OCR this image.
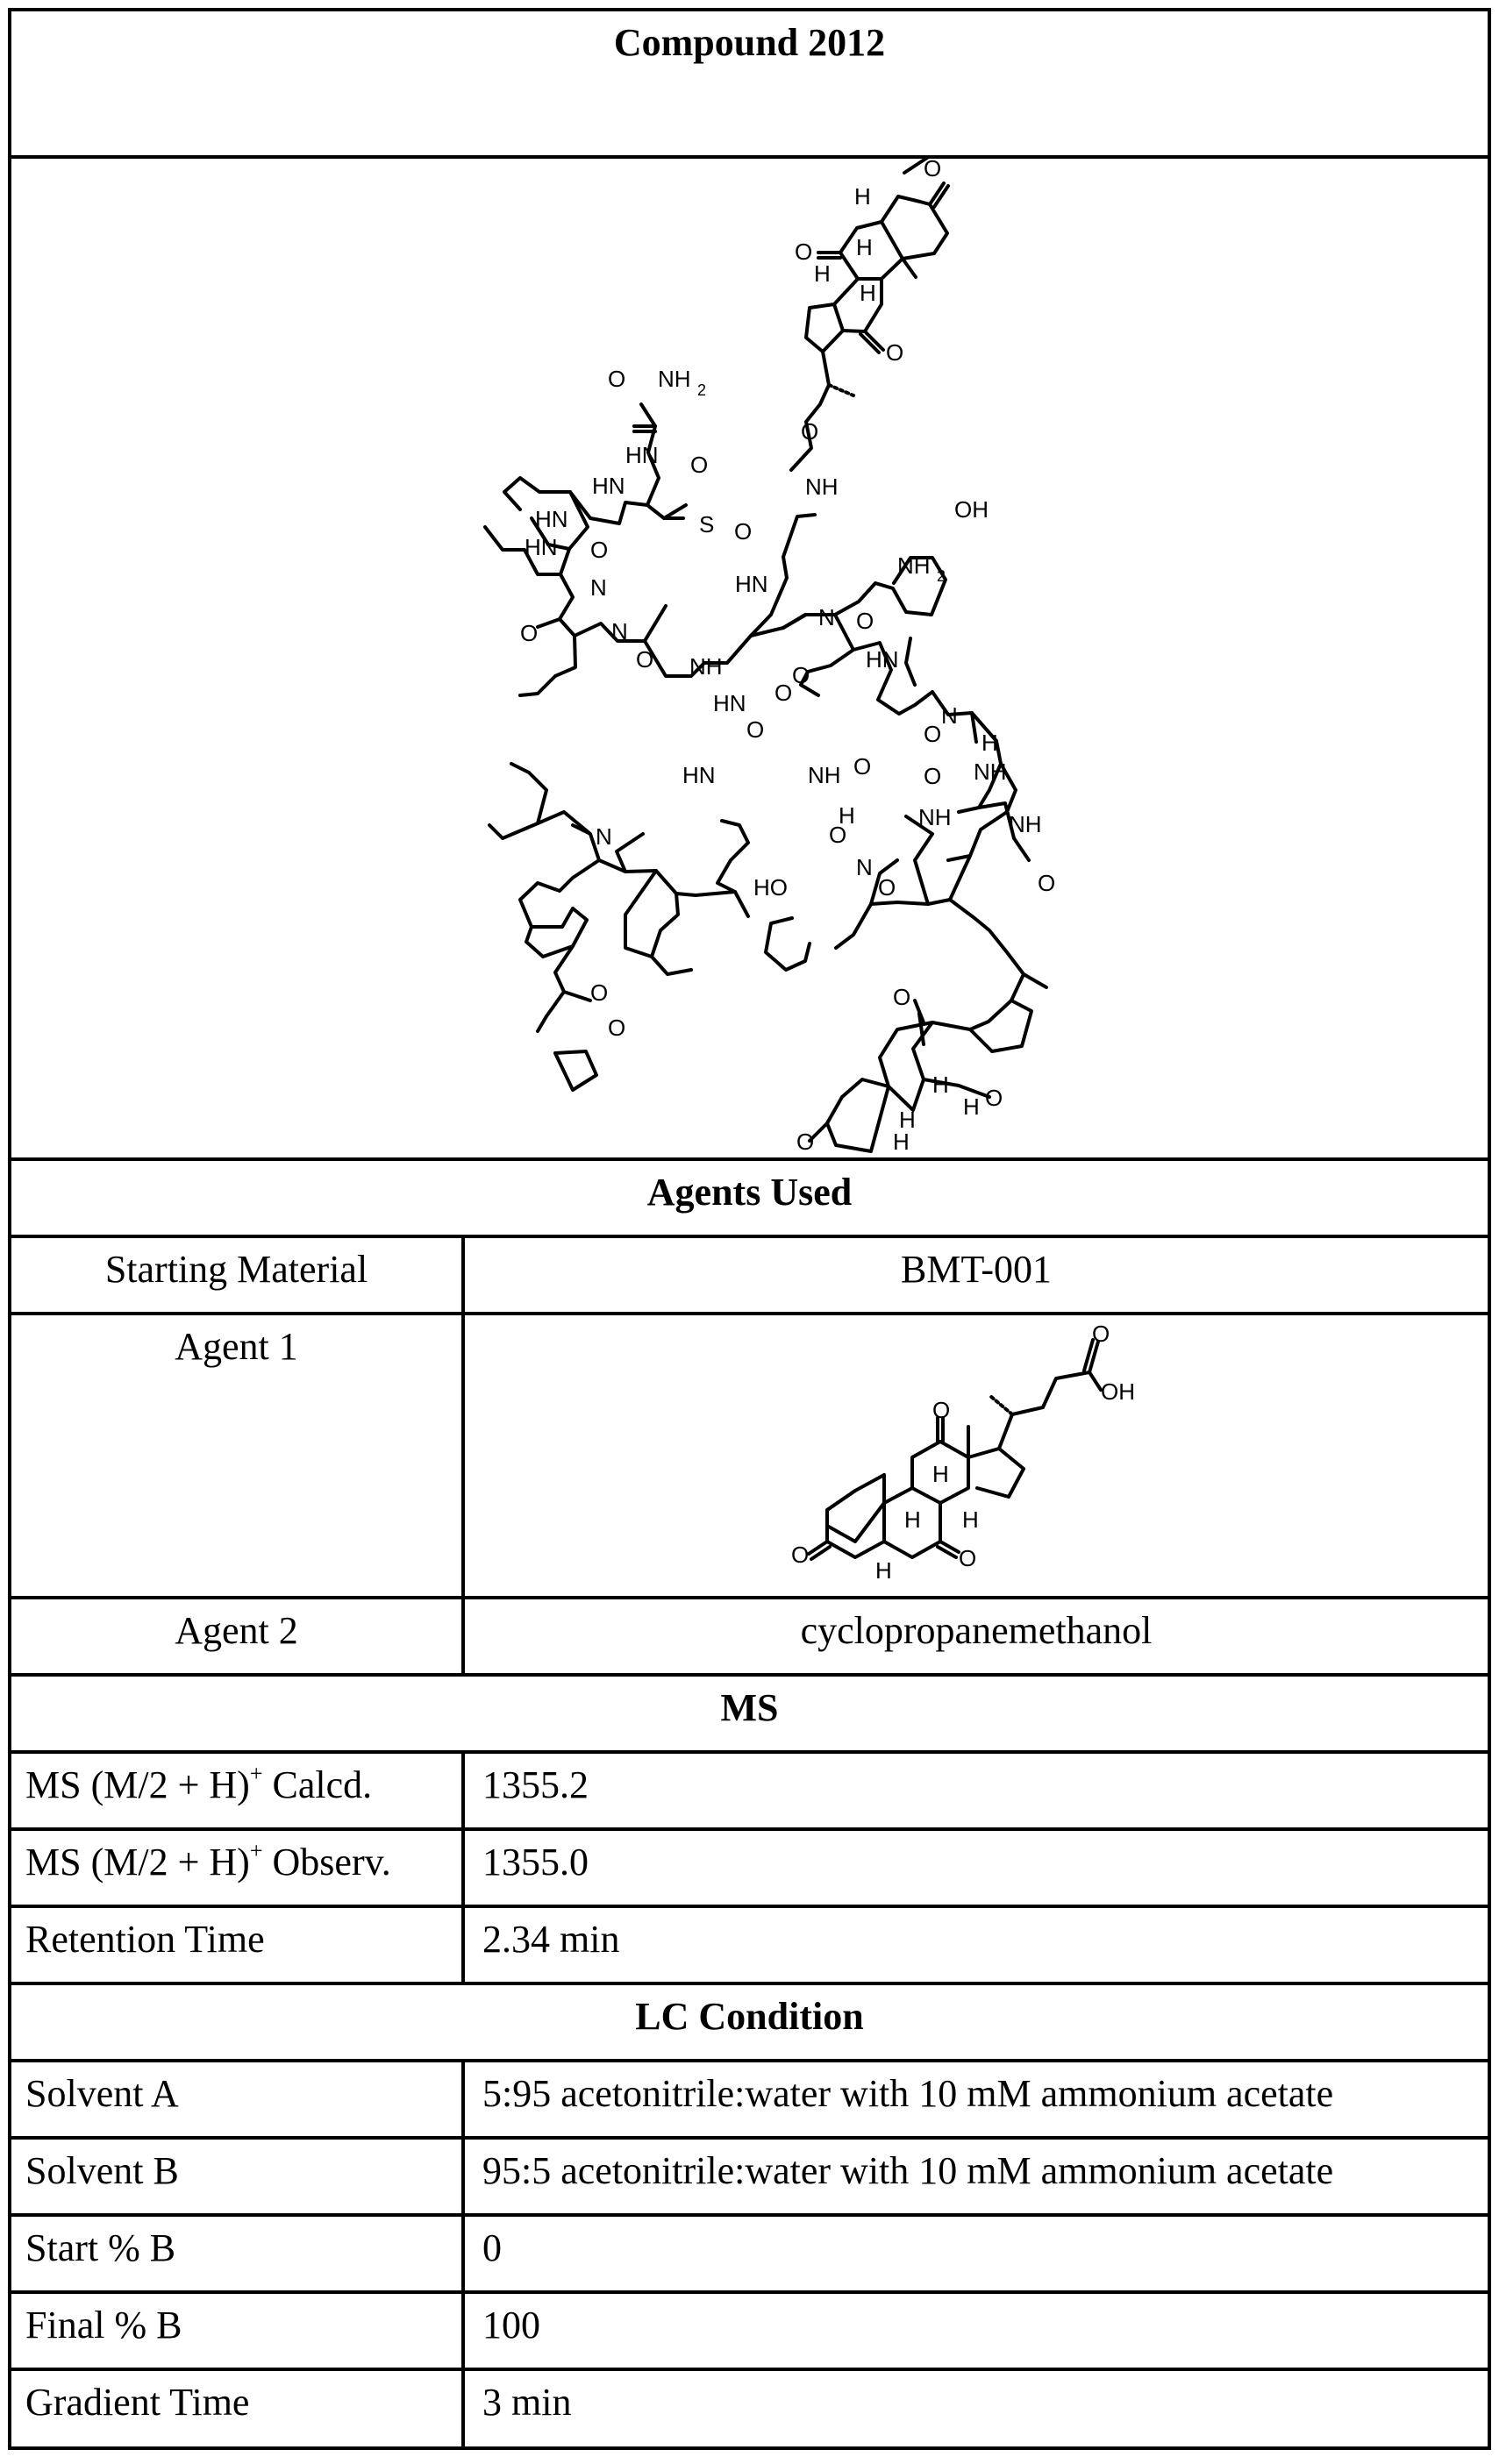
Compound 2012	

O
H
O H
H
H
O
O NH 2
HN O
HN
HN	S O
HN
O
NH
OH
NH 2
N
O
O
HN
N
O H
NH
O
NH	NH
O
O
NH
H
O
N
O
HO
HN
O
HN O
NH
N
O
N
O
HN O
N
O
O
O
H
H O
H
O	H

Agents Used	
Starting Material	BMT-001
Agent 1	
O
O
OH
H
H H
H
O	O

Agent 2	cyclopropanemethanol
MS	
MS (M/2 + H)+ Calcd.	1355.2
MS (M/2 + H)+ Observ.	1355.0
Retention Time	2.34 min
LC Condition	
Solvent A	5:95 acetonitrile:water with 10 mM ammonium acetate
Solvent B	95:5 acetonitrile:water with 10 mM ammonium acetate
Start % B	0
Final % B	100
Gradient Time	3 min
